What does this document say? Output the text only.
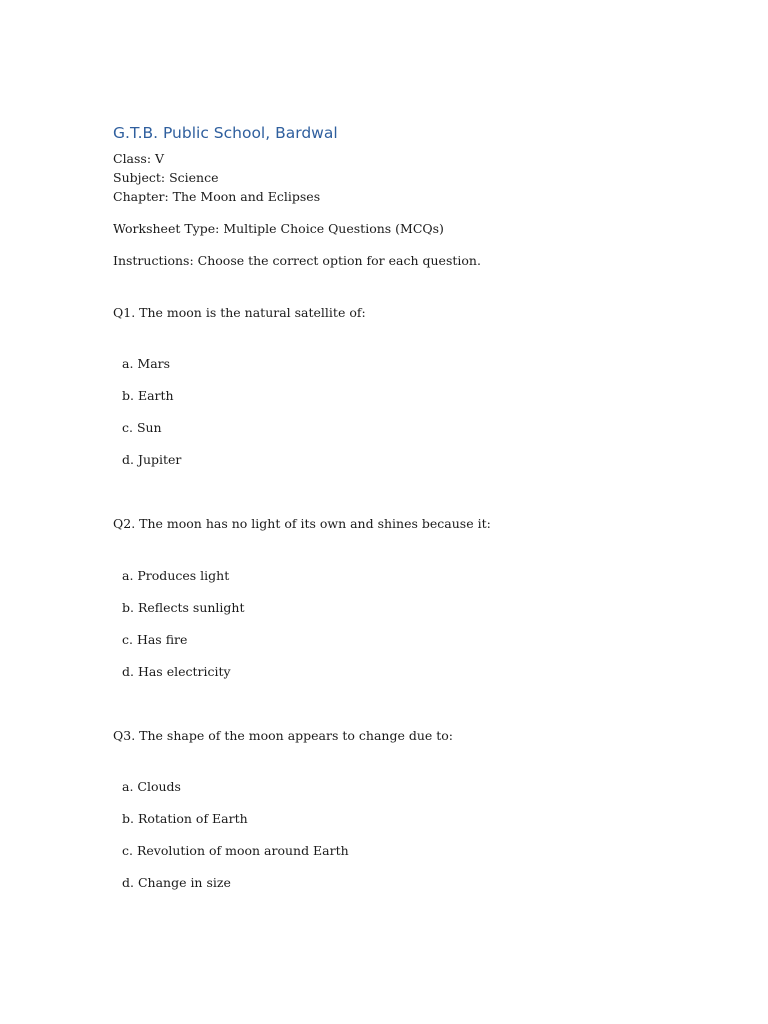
G.T.B. Public School, Bardwal
Class: V
Subject: Science
Chapter: The Moon and Eclipses
Worksheet Type: Multiple Choice Questions (MCQs)
Instructions: Choose the correct option for each question.
Q1. The moon is the natural satellite of:
a. Mars
b. Earth
c. Sun
d. Jupiter
Q2. The moon has no light of its own and shines because it:
a. Produces light
b. Reflects sunlight
c. Has fire
d. Has electricity
Q3. The shape of the moon appears to change due to:
a. Clouds
b. Rotation of Earth
c. Revolution of moon around Earth
d. Change in size
